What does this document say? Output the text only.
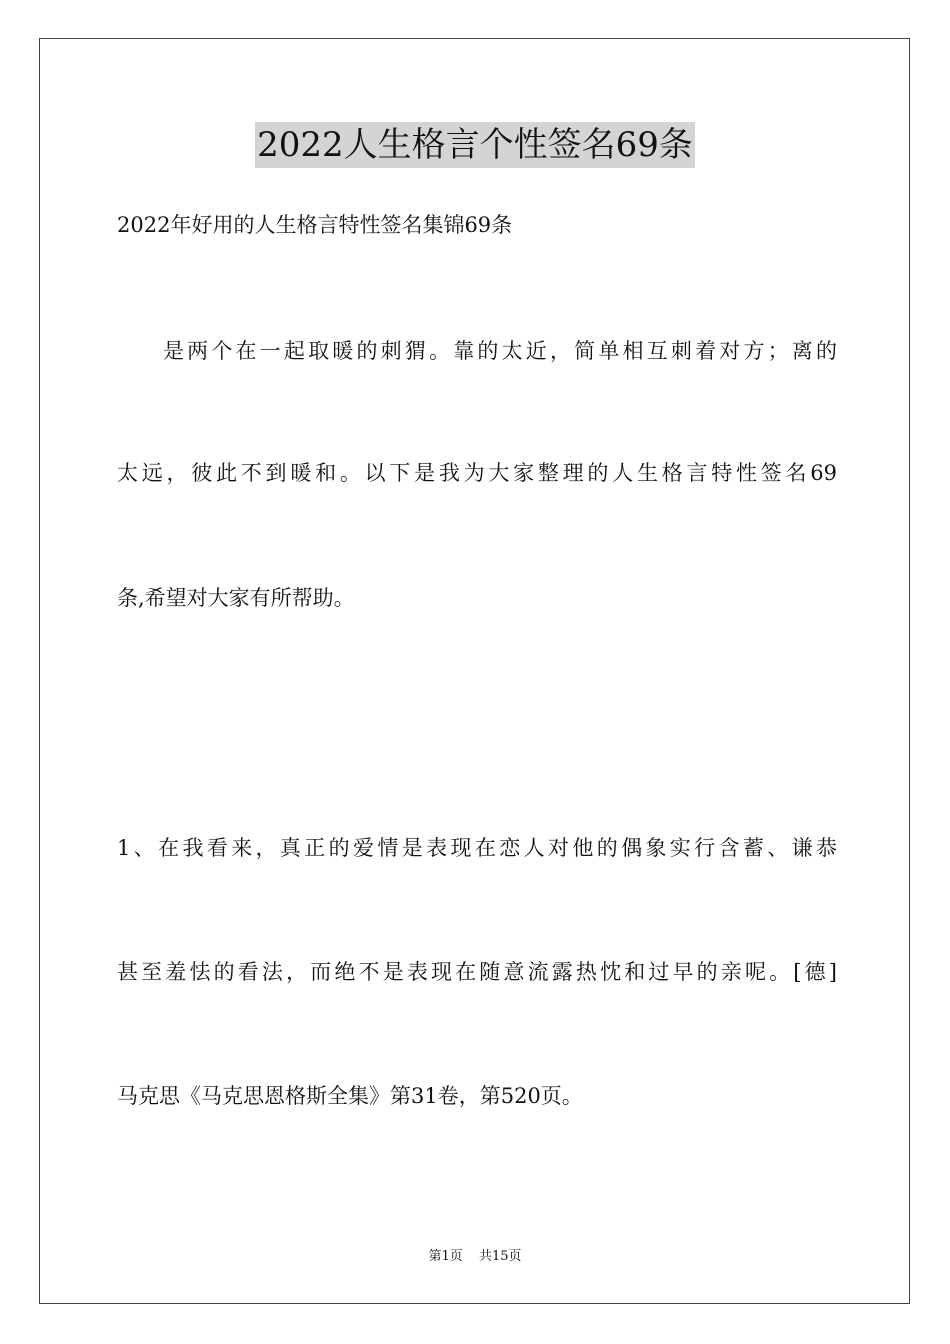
2022人生格言个性签名69条
2022年好用的人生格言特性签名集锦69条
是两个在一起取暖的刺猬。靠的太近，简单相互刺着对方；离的
太远，彼此不到暖和。以下是我为大家整理的人生格言特性签名69
条,希望对大家有所帮助。
1、在我看来，真正的爱情是表现在恋人对他的偶象实行含蓄、谦恭
甚至羞怯的看法，而绝不是表现在随意流露热忱和过早的亲呢。[德]
马克思《马克思恩格斯全集》第31卷，第520页。
第1页 共15页
